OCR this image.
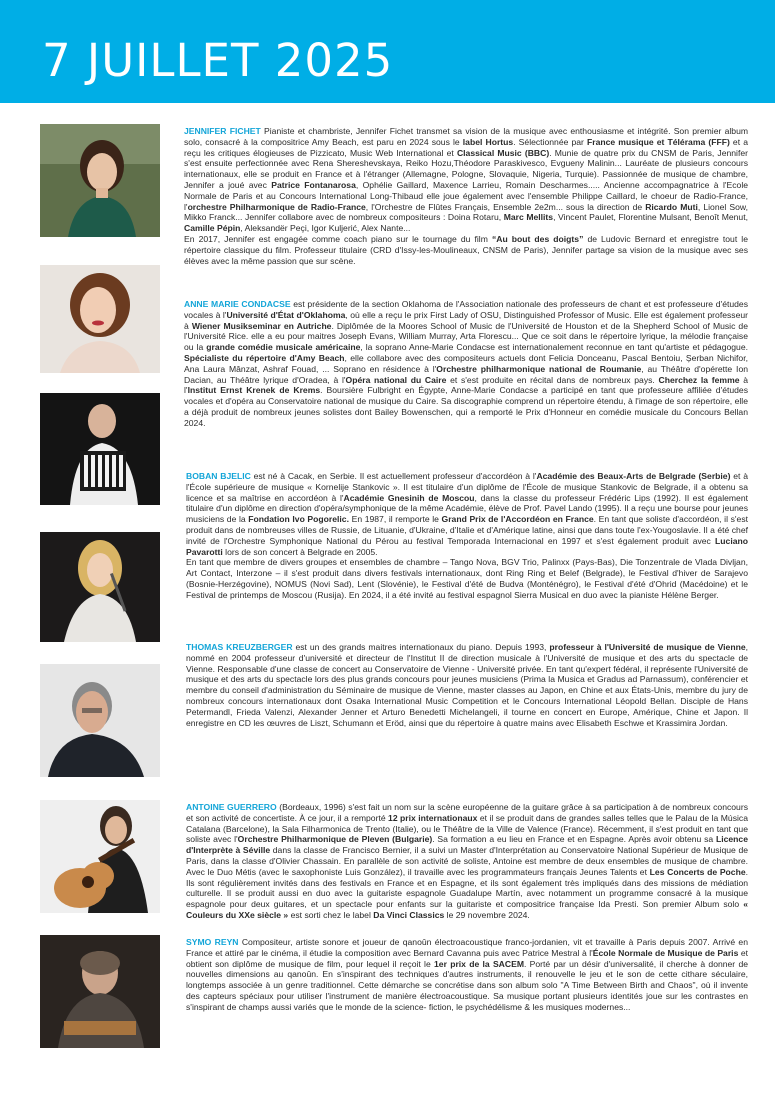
7 JUILLET 2025

JENNIFER FICHET Pianiste et chambriste, Jennifer Fichet transmet sa vision de la musique avec enthousiasme et intégrité. Son premier album solo, consacré à la compositrice Amy Beach, est paru en 2024 sous le label Hortus. Sélectionnée par France musique et Télérama (FFF) et a reçu les critiques élogieuses de Pizzicato, Music Web International et Classical Music (BBC). Munie de quatre prix du CNSM de Paris, Jennifer s'est ensuite perfectionnée avec Rena Shereshevskaya, Reiko Hozu,Théodore Paraskivesco, Evgueny Malinin... Lauréate de plusieurs concours internationaux, elle se produit en France et à l'étranger (Allemagne, Pologne, Slovaquie, Nigeria, Turquie). Passionnée de musique de chambre, Jennifer a joué avec Patrice Fontanarosa, Ophélie Gaillard, Maxence Larrieu, Romain Descharmes..... Ancienne accompagnatrice à l'Ecole Normale de Paris et au Concours International Long-Thibaud elle joue également avec l'ensemble Philippe Caillard, le choeur de Radio-France, l'orchestre Philharmonique de Radio-France, l'Orchestre de Flûtes Français, Ensemble 2e2m... sous la direction de Ricardo Muti, Lionel Sow, Mikko Franck... Jennifer collabore avec de nombreux compositeurs : Doina Rotaru, Marc Mellits, Vincent Paulet, Florentine Mulsant, Benoît Menut, Camille Pépin, Aleksandër Peçi, Igor Kuljerić, Alex Nante...

En 2017, Jennifer est engagée comme coach piano sur le tournage du film “Au bout des doigts” de Ludovic Bernard et enregistre tout le répertoire classique du film. Professeur titulaire (CRD d'Issy-les-Moulineaux, CNSM de Paris), Jennifer partage sa vision de la musique avec ses élèves avec la même passion que sur scène.

ANNE MARIE CONDACSE est présidente de la section Oklahoma de l'Association nationale des professeurs de chant et est professeure d'études vocales à l'Université d'État d'Oklahoma, où elle a reçu le prix First Lady of OSU, Distinguished Professor of Music. Elle est également professeur à Wiener Musikseminar en Autriche. Diplômée de la Moores School of Music de l'Université de Houston et de la Shepherd School of Music de l'Université Rice. elle a eu pour maitres Joseph Evans, William Murray, Arta Florescu... Que ce soit dans le répertoire lyrique, la mélodie française ou la grande comédie musicale américaine, la soprano Anne-Marie Condacse est internationalement reconnue en tant qu'artiste et pédagogue. Spécialiste du répertoire d'Amy Beach, elle collabore avec des compositeurs actuels dont Felicia Donceanu, Pascal Bentoiu, Șerban Nichifor, Ana Laura Mânzat, Ashraf Fouad, ... Soprano en résidence à l'Orchestre philharmonique national de Roumanie, au Théâtre d'opérette Ion Dacian, au Théâtre lyrique d'Oradea, à l'Opéra national du Caire et s'est produite en récital dans de nombreux pays. Cherchez la femme à l'Institut Ernst Krenek de Krems. Boursière Fulbright en Égypte, Anne-Marie Condacse a participé en tant que professeure affiliée d'études vocales et d'opéra au Conservatoire national de musique du Caire. Sa discographie comprend un répertoire étendu, à l'image de son répertoire, elle a déjà produit de nombreux jeunes solistes dont Bailey Bowenschen, qui a remporté le Prix d'Honneur en comédie musicale du Concours Bellan 2024.

BOBAN BJELIC est né à Cacak, en Serbie. Il est actuellement professeur d'accordéon à l'Académie des Beaux-Arts de Belgrade (Serbie) et à l'École supérieure de musique « Kornelije Stankovic ». Il est titulaire d'un diplôme de l'École de musique Stankovic de Belgrade, il a obtenu sa licence et sa maîtrise en accordéon à l'Académie Gnesinih de Moscou, dans la classe du professeur Frédéric Lips (1992). Il est également titulaire d'un diplôme en direction d'opéra/symphonique de la même Académie, élève de Prof. Pavel Lando (1995). Il a reçu une bourse pour jeunes musiciens de la Fondation Ivo Pogorelic. En 1987, il remporte le Grand Prix de l'Accordéon en France. En tant que soliste d'accordéon, il s'est produit dans de nombreuses villes de Russie, de Lituanie, d'Ukraine, d'Italie et d'Amérique latine, ainsi que dans toute l'ex-Yougoslavie. Il a été chef invité de l'Orchestre Symphonique National du Pérou au festival Temporada Internacional en 1997 et s'est également produit avec Luciano Pavarotti lors de son concert à Belgrade en 2005.

En tant que membre de divers groupes et ensembles de chambre – Tango Nova, BGV Trio, Palinxx (Pays-Bas), Die Tonzentrale de Vlada Divljan, Art Contact, Interzone – il s'est produit dans divers festivals internationaux, dont Ring Ring et Belef (Belgrade), le Festival d'hiver de Sarajevo (Bosnie-Herzégovine), NOMUS (Novi Sad), Lent (Slovénie), le Festival d'été de Budva (Monténégro), le Festival d'été d'Ohrid (Macédoine) et le Festival de printemps de Moscou (Rusija). En 2024, il a été invité au festival espagnol Sierra Musical en duo avec la pianiste Hélène Berger.

THOMAS KREUZBERGER est un des grands maitres internationaux du piano. Depuis 1993, professeur à l'Université de musique de Vienne, nommé en 2004 professeur d'université et directeur de l'Institut II de direction musicale à l'Université de musique et des arts du spectacle de Vienne. Responsable d'une classe de concert au Conservatoire de Vienne - Université privée. En tant qu'expert fédéral, il représente l'Université de musique et des arts du spectacle lors des plus grands concours pour jeunes musiciens (Prima la Musica et Gradus ad Parnassum), conférencier et membre du conseil d'administration du Séminaire de musique de Vienne, master classes au Japon, en Chine et aux États-Unis, membre du jury de nombreux concours internationaux dont Osaka International Music Competition et le Concours International Léopold Bellan. Disciple de Hans Petermandl, Frieda Valenzi, Alexander Jenner et Arturo Benedetti Michelangeli, il tourne en concert en Europe, Amérique, Chine et Japon. Il enregistre en CD les œuvres de Liszt, Schumann et Eröd, ainsi que du répertoire à quatre mains avec Elisabeth Eschwe et Krassimira Jordan.

ANTOINE GUERRERO (Bordeaux, 1996) s'est fait un nom sur la scène européenne de la guitare grâce à sa participation à de nombreux concours et son activité de concertiste. À ce jour, il a remporté 12 prix internationaux et il se produit dans de grandes salles telles que le Palau de la Música Catalana (Barcelone), la Sala Filharmonica de Trento (Italie), ou le Théâtre de la Ville de Valence (France). Récemment, il s'est produit en tant que soliste avec l'Orchestre Philharmonique de Pleven (Bulgarie). Sa formation a eu lieu en France et en Espagne. Après avoir obtenu sa Licence d'Interprète à Séville dans la classe de Francisco Bernier, il a suivi un Master d'Interprétation au Conservatoire National Supérieur de Musique de Paris, dans la classe d'Olivier Chassain. En parallèle de son activité de soliste, Antoine est membre de deux ensembles de musique de chambre. Avec le Duo Métis (avec le saxophoniste Luis González), il travaille avec les programmateurs français Jeunes Talents et Les Concerts de Poche. Ils sont régulièrement invités dans des festivals en France et en Espagne, et ils sont également très impliqués dans des missions de médiation culturelle. Il se produit aussi en duo avec la guitariste espagnole Guadalupe Martín, avec notamment un programme consacré à la musique espagnole pour deux guitares, et un spectacle pour enfants sur la guitariste et compositrice française Ida Presti. Son premier Album solo « Couleurs du XXe siècle » est sorti chez le label Da Vinci Classics le 29 novembre 2024.

SYMO REYN Compositeur, artiste sonore et joueur de qanoûn électroacoustique franco-jordanien, vit et travaille à Paris depuis 2007. Arrivé en France et attiré par le cinéma, il étudie la composition avec Bernard Cavanna puis avec Patrice Mestral à l'École Normale de Musique de Paris et obtient son diplôme de musique de film, pour lequel il reçoit le 1er prix de la SACEM. Porté par un désir d'universalité, il cherche à donner de nouvelles dimensions au qanoûn. En s'inspirant des techniques d'autres instruments, il renouvelle le jeu et le son de cette cithare séculaire, longtemps associée à un genre traditionnel. Cette démarche se concrétise dans son album solo "A Time Between Birth and Chaos", où il invente des capteurs spéciaux pour utiliser l'instrument de manière électroacoustique. Sa musique portant plusieurs identités joue sur les contrastes en s'inspirant de champs aussi variés que le monde de la science- fiction, le psychédélisme & les musiques modernes...
